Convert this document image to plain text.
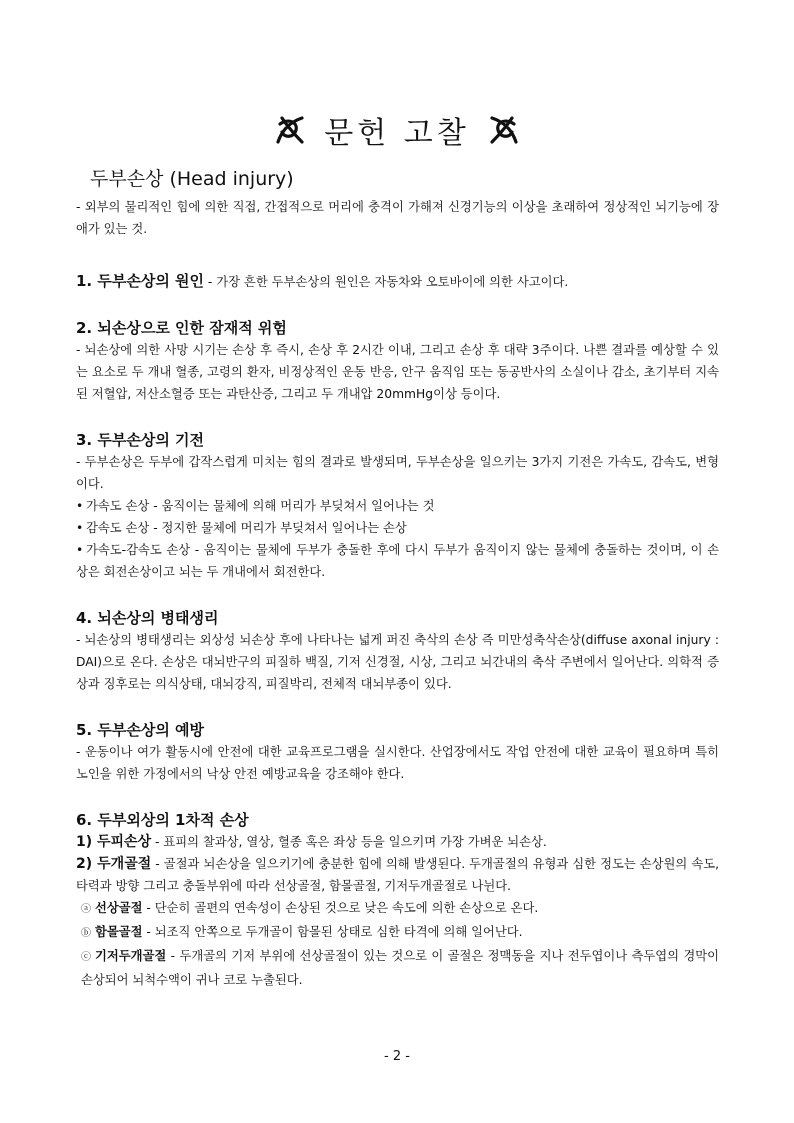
문헌 고찰
두부손상 (Head injury)

- 외부의 물리적인 힘에 의한 직접, 간접적으로 머리에 충격이 가해져 신경기능의 이상을 초래하여 정상적인 뇌기능에 장애가 있는 것.

1. 두부손상의 원인 - 가장 흔한 두부손상의 원인은 자동차와 오토바이에 의한 사고이다.
2. 뇌손상으로 인한 잠재적 위험

- 뇌손상에 의한 사망 시기는 손상 후 즉시, 손상 후 2시간 이내, 그리고 손상 후 대략 3주이다. 나쁜 결과를 예상할 수 있는 요소로 두 개내 혈종, 고령의 환자, 비정상적인 운동 반응, 안구 움직임 또는 동공반사의 소실이나 감소, 초기부터 지속된 저혈압, 저산소혈증 또는 과탄산증, 그리고 두 개내압 20mmHg이상 등이다.

3. 두부손상의 기전

- 두부손상은 두부에 갑작스럽게 미치는 힘의 결과로 발생되며, 두부손상을 일으키는 3가지 기전은 가속도, 감속도, 변형이다.

• 가속도 손상 - 움직이는 물체에 의해 머리가 부딪쳐서 일어나는 것

• 감속도 손상 - 정지한 물체에 머리가 부딪쳐서 일어나는 손상

• 가속도-감속도 손상 - 움직이는 물체에 두부가 충돌한 후에 다시 두부가 움직이지 않는 물체에 충돌하는 것이며, 이 손상은 회전손상이고 뇌는 두 개내에서 회전한다.

4. 뇌손상의 병태생리

- 뇌손상의 병태생리는 외상성 뇌손상 후에 나타나는 넓게 퍼진 축삭의 손상 즉 미만성축삭손상(diffuse axonal injury : DAI)으로 온다. 손상은 대뇌반구의 피질하 백질, 기저 신경절, 시상, 그리고 뇌간내의 축삭 주변에서 일어난다. 의학적 증상과 징후로는 의식상태, 대뇌강직, 피질박리, 전체적 대뇌부종이 있다.

5. 두부손상의 예방

- 운동이나 여가 활동시에 안전에 대한 교육프로그램을 실시한다. 산업장에서도 작업 안전에 대한 교육이 필요하며 특히 노인을 위한 가정에서의 낙상 안전 예방교육을 강조해야 한다.

6. 두부외상의 1차적 손상

1) 두피손상 - 표피의 찰과상, 열상, 혈종 혹은 좌상 등을 일으키며 가장 가벼운 뇌손상.

2) 두개골절 - 골절과 뇌손상을 일으키기에 충분한 힘에 의해 발생된다. 두개골절의 유형과 심한 정도는 손상원의 속도, 타력과 방향 그리고 충돌부위에 따라 선상골절, 함몰골절, 기저두개골절로 나뉜다.

ⓐ 선상골절 - 단순히 골편의 연속성이 손상된 것으로 낮은 속도에 의한 손상으로 온다.

ⓑ 함몰골절 - 뇌조직 안쪽으로 두개골이 함몰된 상태로 심한 타격에 의해 일어난다.

ⓒ 기저두개골절 - 두개골의 기저 부위에 선상골절이 있는 것으로 이 골절은 정맥동을 지나 전두엽이나 측두엽의 경막이 손상되어 뇌척수액이 귀나 코로 누출된다.

- 2 -
